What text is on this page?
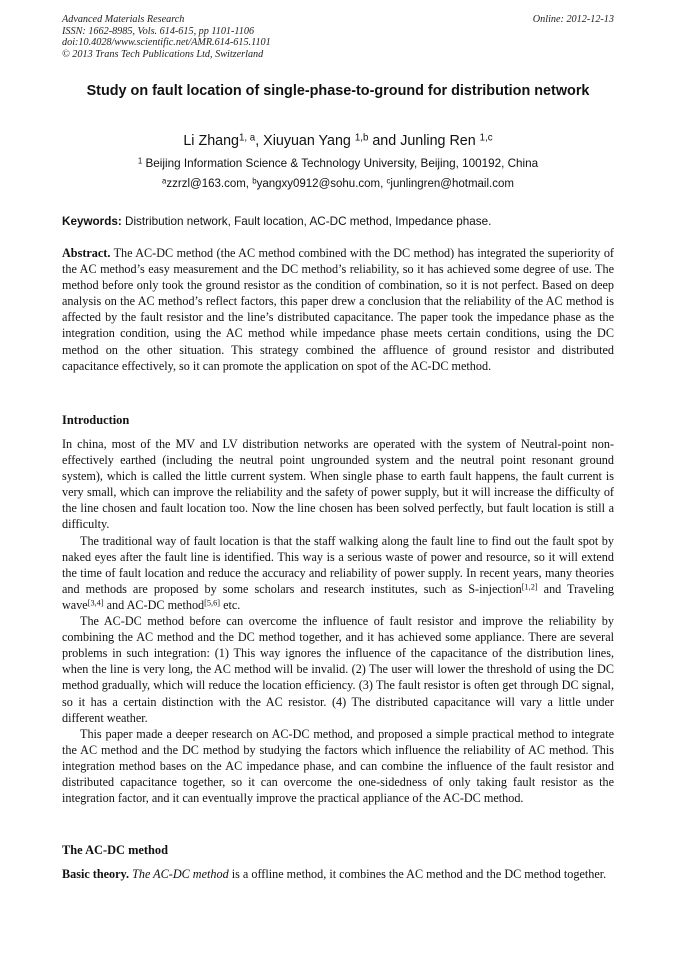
Advanced Materials Research
ISSN: 1662-8985, Vols. 614-615, pp 1101-1106
doi:10.4028/www.scientific.net/AMR.614-615.1101
© 2013 Trans Tech Publications Ltd, Switzerland
Online: 2012-12-13
Study on fault location of single-phase-to-ground for distribution network
Li Zhang$^{1, a}$, Xiuyuan Yang $^{1,b}$ and Junling Ren $^{1,c}$
$^1$ Beijing Information Science & Technology University, Beijing, 100192, China
$^a$zzrzl@163.com, $^b$yangxy0912@sohu.com, $^c$junlingren@hotmail.com
Keywords: Distribution network, Fault location, AC-DC method, Impedance phase.

Abstract. The AC-DC method (the AC method combined with the DC method) has integrated the superiority of the AC method’s easy measurement and the DC method’s reliability, so it has achieved some degree of use. The method before only took the ground resistor as the condition of combination, so it is not perfect. Based on deep analysis on the AC method’s reflect factors, this paper drew a conclusion that the reliability of the AC method is affected by the fault resistor and the line’s distributed capacitance. The paper took the impedance phase as the integration condition, using the AC method while impedance phase meets certain conditions, using the DC method on the other situation. This strategy combined the affluence of ground resistor and distributed capacitance effectively, so it can promote the application on spot of the AC-DC method.

Introduction

In china, most of the MV and LV distribution networks are operated with the system of Neutral-point non-effectively earthed (including the neutral point ungrounded system and the neutral point resonant ground system), which is called the little current system. When single phase to earth fault happens, the fault current is very small, which can improve the reliability and the safety of power supply, but it will increase the difficulty of the line chosen and fault location too. Now the line chosen has been solved perfectly, but fault location is still a difficulty.

The traditional way of fault location is that the staff walking along the fault line to find out the fault spot by naked eyes after the fault line is identified. This way is a serious waste of power and resource, so it will extend the time of fault location and reduce the accuracy and reliability of power supply. In recent years, many theories and methods are proposed by some scholars and research institutes, such as S-injection[1,2] and Traveling wave[3,4] and AC-DC method[5,6] etc.

The AC-DC method before can overcome the influence of fault resistor and improve the reliability by combining the AC method and the DC method together, and it has achieved some appliance. There are several problems in such integration: (1) This way ignores the influence of the capacitance of the distribution lines, when the line is very long, the AC method will be invalid. (2) The user will lower the threshold of using the DC method gradually, which will reduce the location efficiency. (3) The fault resistor is often get through DC signal, so it has a certain distinction with the AC resistor. (4) The distributed capacitance will vary a little under different weather.

This paper made a deeper research on AC-DC method, and proposed a simple practical method to integrate the AC method and the DC method by studying the factors which influence the reliability of AC method. This integration method bases on the AC impedance phase, and can combine the influence of the fault resistor and distributed capacitance together, so it can overcome the one-sidedness of only taking fault resistor as the integration factor, and it can eventually improve the practical appliance of the AC-DC method.

The AC-DC method

Basic theory. The AC-DC method is a offline method, it combines the AC method and the DC method together.
